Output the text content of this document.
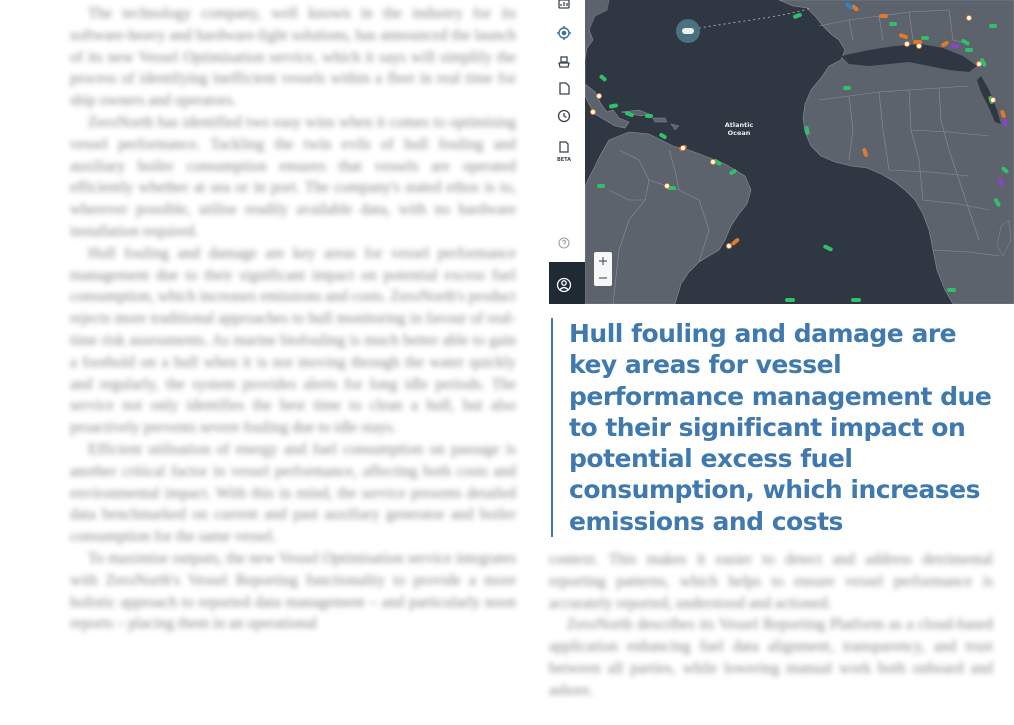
The technology company, well known in the industry for its software-heavy and hardware-light solutions, has announced the launch of its new Vessel Optimisation service, which it says will simplify the process of identifying inefficient vessels within a fleet in real time for ship owners and operators.

ZeroNorth has identified two easy wins when it comes to optimising vessel performance. Tackling the twin evils of hull fouling and auxiliary boiler consumption ensures that vessels are operated efficiently whether at sea or in port. The company's stated ethos is to, wherever possible, utilise readily available data, with no hardware installation required.

Hull fouling and damage are key areas for vessel performance management due to their significant impact on potential excess fuel consumption, which increases emissions and costs. ZeroNorth's product rejects more traditional approaches to hull monitoring in favour of real-time risk assessments. As marine biofouling is much better able to gain a foothold on a hull when it is not moving through the water quickly and regularly, the system provides alerts for long idle periods. The service not only identifies the best time to clean a hull, but also proactively prevents severe fouling due to idle stays.

Efficient utilisation of energy and fuel consumption on passage is another critical factor in vessel performance, affecting both costs and environmental impact. With this in mind, the service presents detailed data benchmarked on current and past auxiliary generator and boiler consumption for the same vessel.

To maximise outputs, the new Vessel Optimisation service integrates with ZeroNorth's Vessel Reporting functionality to provide a more holistic approach to reported data management – and particularly noon reports – placing them in an operational

Atlantic
Ocean
BETA
Hull fouling and damage are key areas for vessel performance management due to their significant impact on potential excess fuel consumption, which increases emissions and costs

context. This makes it easier to detect and address detrimental reporting patterns, which helps to ensure vessel performance is accurately reported, understood and actioned.

ZeroNorth describes its Vessel Reporting Platform as a cloud-based application enhancing fuel data alignment, transparency, and trust between all parties, while lowering manual work both onboard and ashore.
